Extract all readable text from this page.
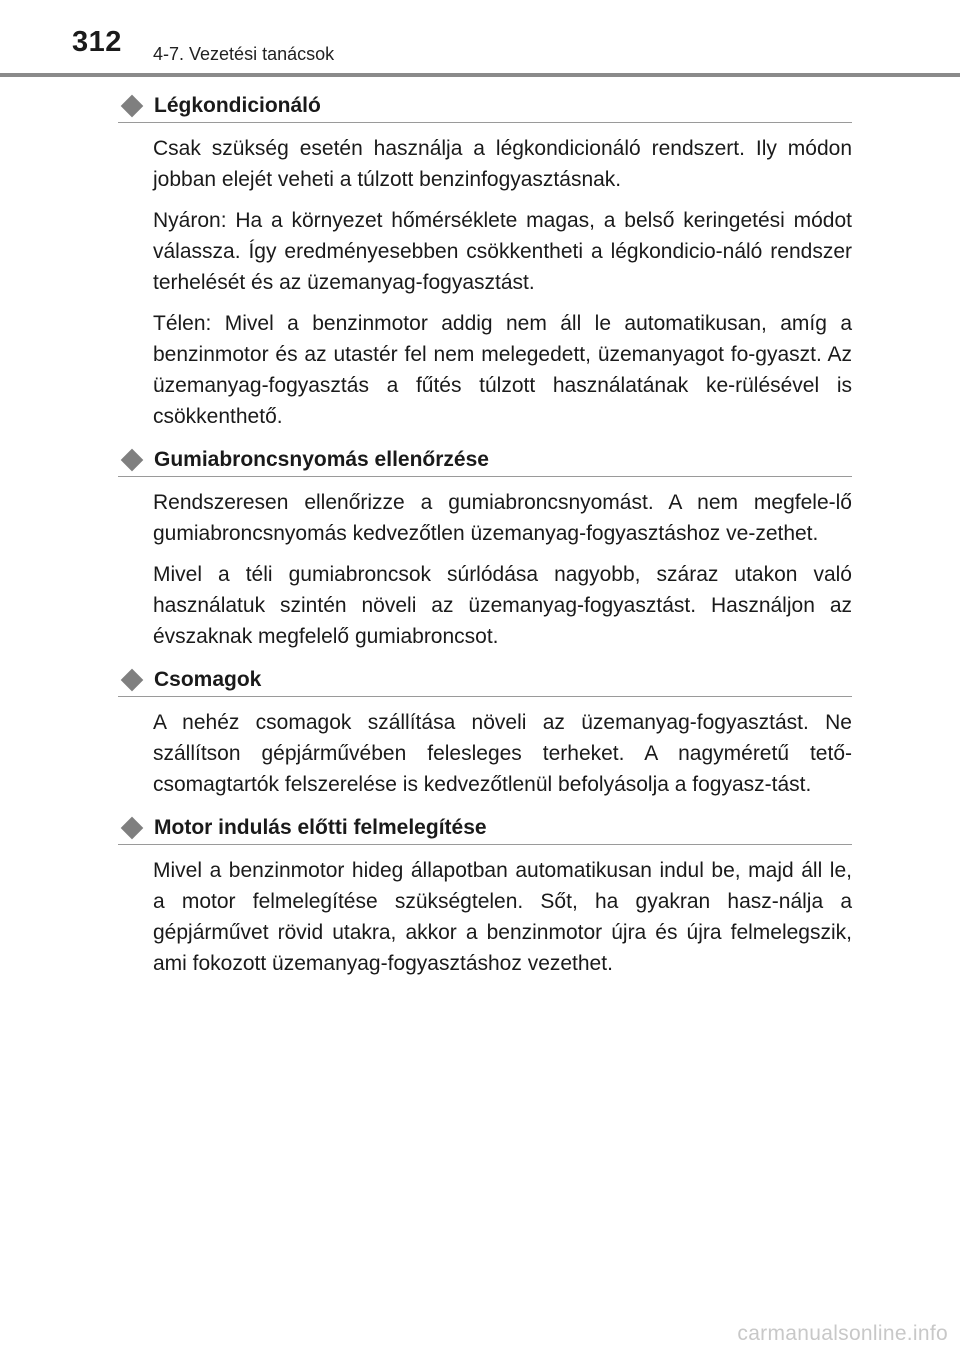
312 4-7. Vezetési tanácsok
Légkondicionáló

Csak szükség esetén használja a légkondicionáló rendszert. Ily módon jobban elejét veheti a túlzott benzinfogyasztásnak.

Nyáron: Ha a környezet hőmérséklete magas, a belső keringetési módot válassza. Így eredményesebben csökkentheti a légkondicio-náló rendszer terhelését és az üzemanyag-fogyasztást.

Télen: Mivel a benzinmotor addig nem áll le automatikusan, amíg a benzinmotor és az utastér fel nem melegedett, üzemanyagot fo-gyaszt. Az üzemanyag-fogyasztás a fűtés túlzott használatának ke-rülésével is csökkenthető.

Gumiabroncsnyomás ellenőrzése

Rendszeresen ellenőrizze a gumiabroncsnyomást. A nem megfele-lő gumiabroncsnyomás kedvezőtlen üzemanyag-fogyasztáshoz ve-zethet.

Mivel a téli gumiabroncsok súrlódása nagyobb, száraz utakon való használatuk szintén növeli az üzemanyag-fogyasztást. Használjon az évszaknak megfelelő gumiabroncsot.

Csomagok

A nehéz csomagok szállítása növeli az üzemanyag-fogyasztást. Ne szállítson gépjárművében felesleges terheket. A nagyméretű tető-csomagtartók felszerelése is kedvezőtlenül befolyásolja a fogyasz-tást.

Motor indulás előtti felmelegítése

Mivel a benzinmotor hideg állapotban automatikusan indul be, majd áll le, a motor felmelegítése szükségtelen. Sőt, ha gyakran hasz-nálja a gépjárművet rövid utakra, akkor a benzinmotor újra és újra felmelegszik, ami fokozott üzemanyag-fogyasztáshoz vezethet.

carmanualsonline.info
